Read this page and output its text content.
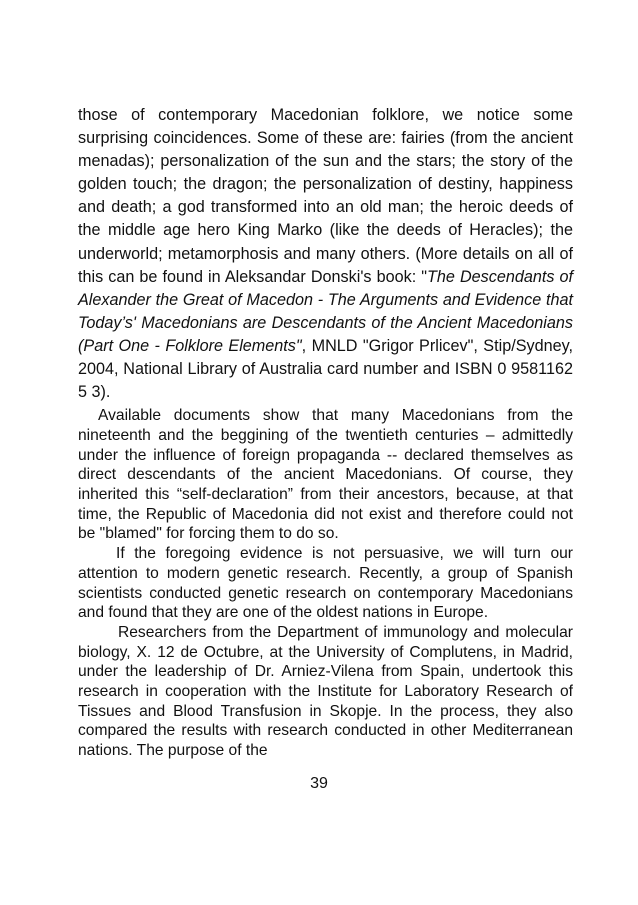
those of contemporary Macedonian folklore, we notice some surprising coincidences. Some of these are: fairies (from the ancient menadas); personalization of the sun and the stars; the story of the golden touch; the dragon; the personalization of destiny, happiness and death; a god transformed into an old man; the heroic deeds of the middle age hero King Marko (like the deeds of Heracles); the underworld; metamorphosis and many others. (More details on all of this can be found in Aleksandar Donski's book: "The Descendants of Alexander the Great of Macedon - The Arguments and Evidence that Today’s' Macedonians are Descendants of the Ancient Macedonians (Part One - Folklore Elements", MNLD "Grigor Prlicev", Stip/Sydney, 2004, National Library of Australia card number and ISBN 0 9581162 5 3).

Available documents show that many Macedonians from the nineteenth and the beggining of the twentieth centuries – admittedly under the influence of foreign propaganda -- declared themselves as direct descendants of the ancient Macedonians. Of course, they inherited this “self-declaration” from their ancestors, because, at that time, the Republic of Macedonia did not exist and therefore could not be "blamed" for forcing them to do so.

If the foregoing evidence is not persuasive, we will turn our attention to modern genetic research. Recently, a group of Spanish scientists conducted genetic research on contemporary Macedonians and found that they are one of the oldest nations in Europe.

Researchers from the Department of immunology and molecular biology, X. 12 de Octubre, at the University of Complutens, in Madrid, under the leadership of Dr. Arniez-Vilena from Spain, undertook this research in cooperation with the Institute for Laboratory Research of Tissues and Blood Transfusion in Skopje. In the process, they also compared the results with research conducted in other Mediterranean nations. The purpose of the

39
